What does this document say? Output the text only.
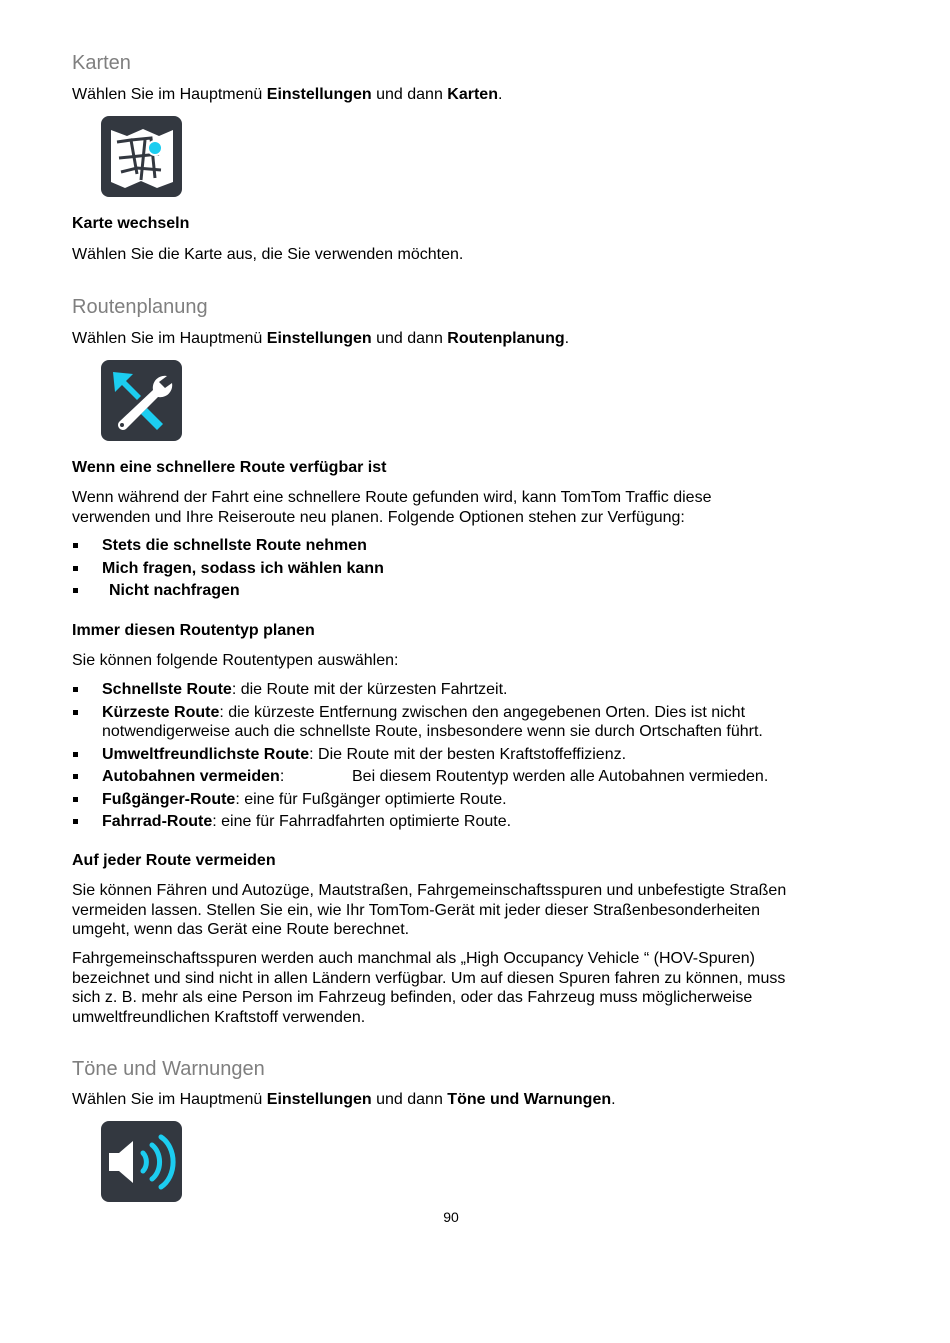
Karten

Wählen Sie im Hauptmenü Einstellungen und dann Karten.

Karte wechseln

Wählen Sie die Karte aus, die Sie verwenden möchten.

Routenplanung

Wählen Sie im Hauptmenü Einstellungen und dann Routenplanung.

Wenn eine schnellere Route verfügbar ist

Wenn während der Fahrt eine schnellere Route gefunden wird, kann TomTom Traffic diese
verwenden und Ihre Reiseroute neu planen. Folgende Optionen stehen zur Verfügung:

Stets die schnellste Route nehmen
Mich fragen, sodass ich wählen kann
Nicht nachfragen
Immer diesen Routentyp planen

Sie können folgende Routentypen auswählen:

Schnellste Route: die Route mit der kürzesten Fahrtzeit.
Kürzeste Route: die kürzeste Entfernung zwischen den angegebenen Orten. Dies ist nicht
notwendigerweise auch die schnellste Route, insbesondere wenn sie durch Ortschaften führt.
Umweltfreundlichste Route: Die Route mit der besten Kraftstoffeffizienz.
Autobahnen vermeiden:	Bei diesem Routentyp werden alle Autobahnen vermieden.
Fußgänger-Route: eine für Fußgänger optimierte Route.
Fahrrad-Route: eine für Fahrradfahrten optimierte Route.
Auf jeder Route vermeiden

Sie können Fähren und Autozüge, Mautstraßen, Fahrgemeinschaftsspuren und unbefestigte Straßen
vermeiden lassen. Stellen Sie ein, wie Ihr TomTom-Gerät mit jeder dieser Straßenbesonderheiten
umgeht, wenn das Gerät eine Route berechnet.

Fahrgemeinschaftsspuren werden auch manchmal als „High Occupancy Vehicle “ (HOV-Spuren)
bezeichnet und sind nicht in allen Ländern verfügbar. Um auf diesen Spuren fahren zu können, muss
sich z. B. mehr als eine Person im Fahrzeug befinden, oder das Fahrzeug muss möglicherweise
umweltfreundlichen Kraftstoff verwenden.

Töne und Warnungen

Wählen Sie im Hauptmenü Einstellungen und dann Töne und Warnungen.

90
